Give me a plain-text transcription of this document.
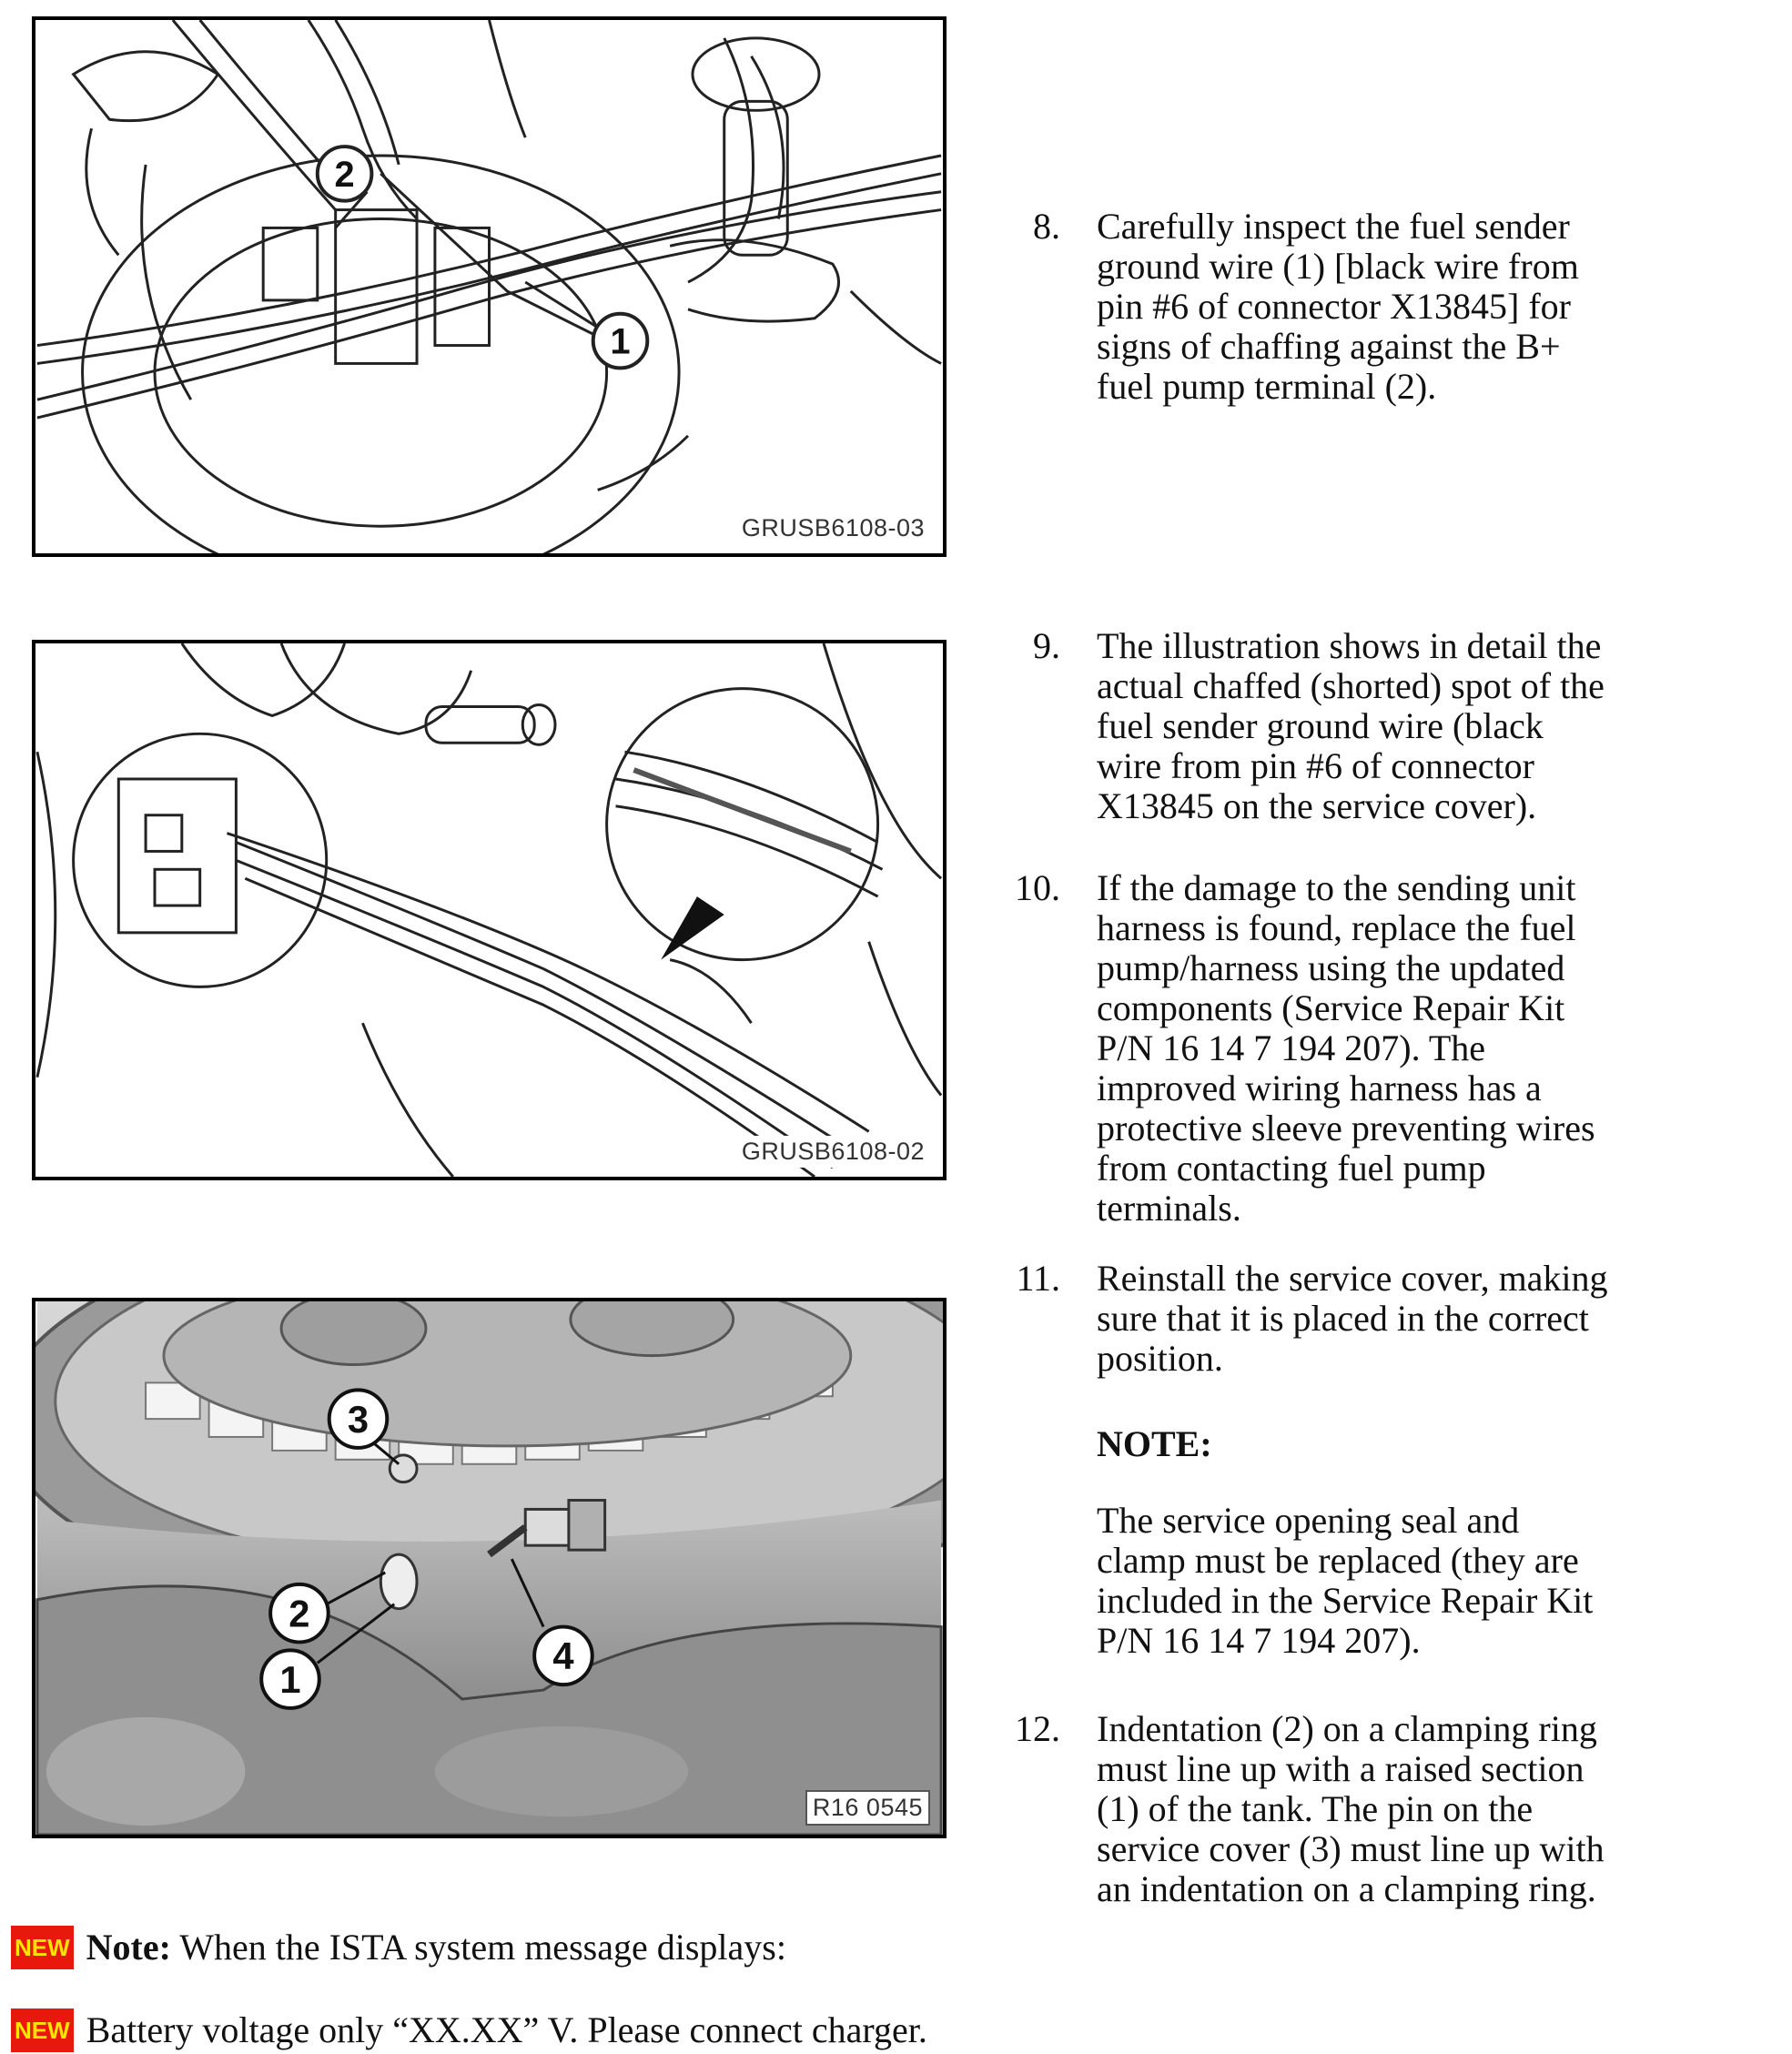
2
1
GRUSB6108-03
GRUSB6108-02
3
2
1
4
R16 0545
8. Carefully inspect the fuel sender
ground wire (1) [black wire from
pin #6 of connector X13845] for
signs of chaffing against the B+
fuel pump terminal (2).
9. The illustration shows in detail the
actual chaffed (shorted) spot of the
fuel sender ground wire (black
wire from pin #6 of connector
X13845 on the service cover).
10. If the damage to the sending unit
harness is found, replace the fuel
pump/harness using the updated
components (Service Repair Kit
P/N 16 14 7 194 207). The
improved wiring harness has a
protective sleeve preventing wires
from contacting fuel pump
terminals.
11. Reinstall the service cover, making
sure that it is placed in the correct
position.
NOTE:
The service opening seal and
clamp must be replaced (they are
included in the Service Repair Kit
P/N 16 14 7 194 207).
12. Indentation (2) on a clamping ring
must line up with a raised section
(1) of the tank. The pin on the
service cover (3) must line up with
an indentation on a clamping ring.
NEW Note: When the ISTA system message displays:
NEW Battery voltage only “XX.XX” V. Please connect charger.
